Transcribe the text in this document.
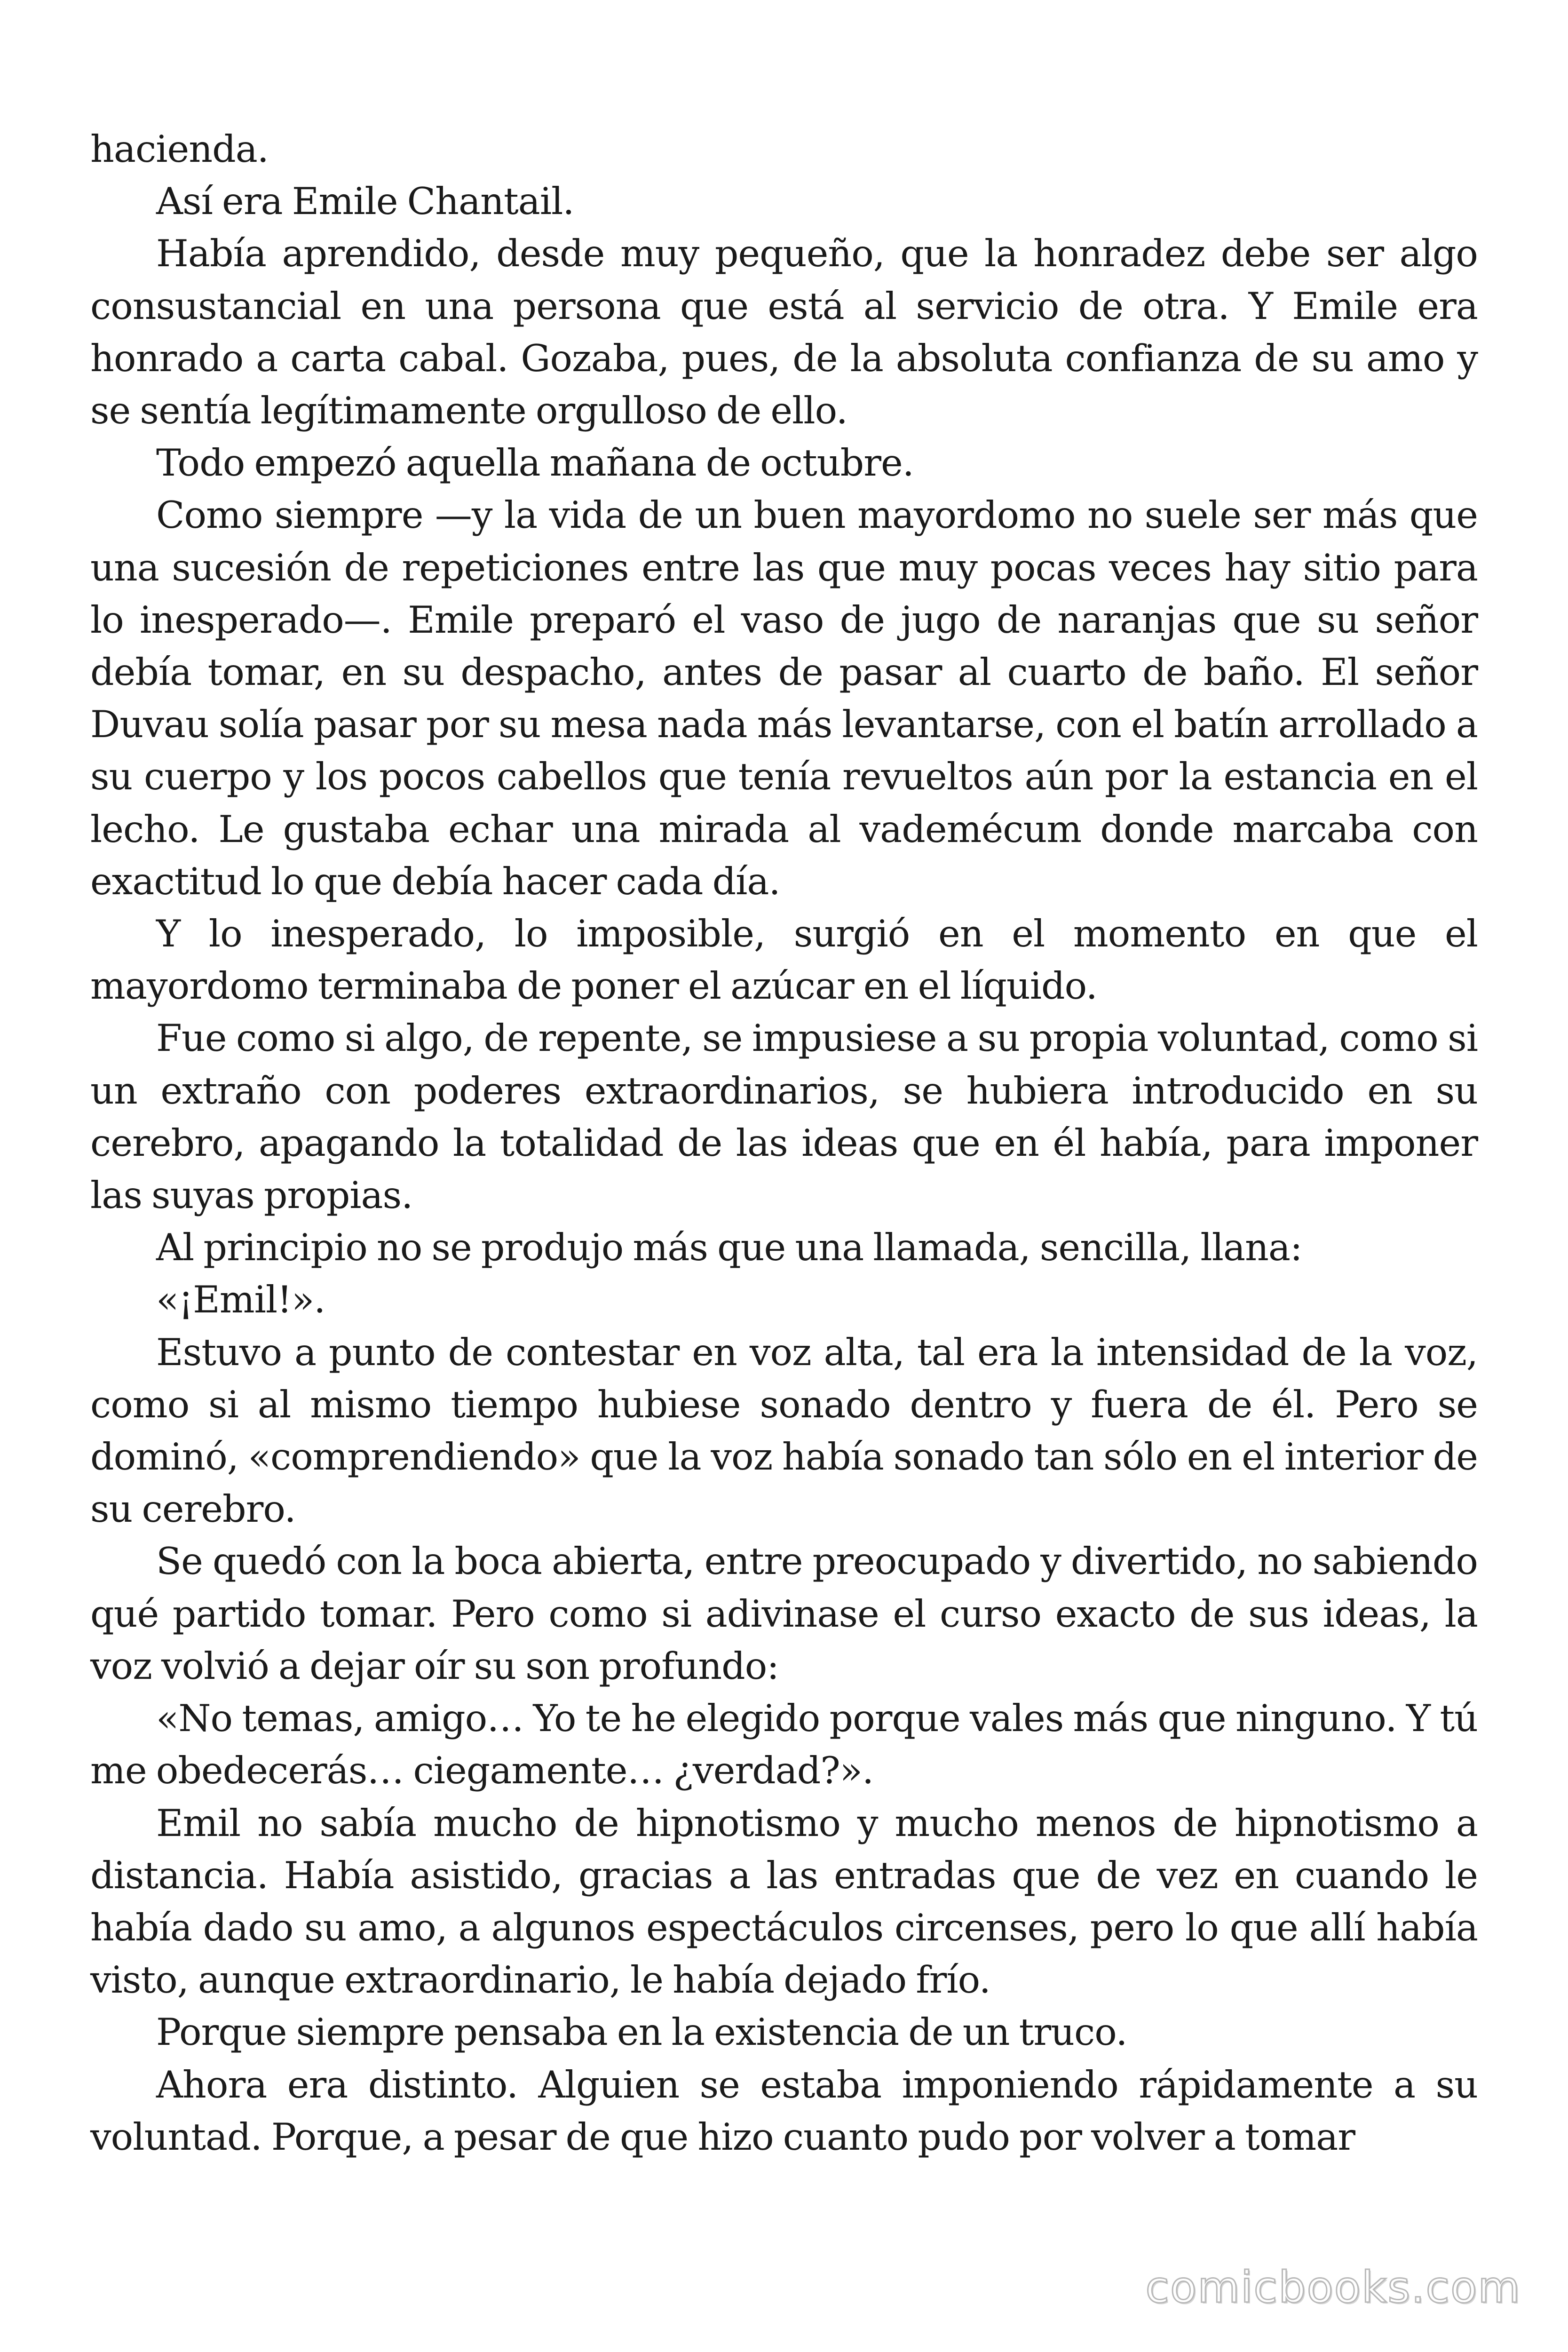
hacienda.

Así era Emile Chantail.

Había aprendido, desde muy pequeño, que la honradez debe ser algo consustancial en una persona que está al servicio de otra. Y Emile era honrado a carta cabal. Gozaba, pues, de la absoluta confianza de su amo y se sentía legítimamente orgulloso de ello.

Todo empezó aquella mañana de octubre.

Como siempre —y la vida de un buen mayordomo no suele ser más que una sucesión de repeticiones entre las que muy pocas veces hay sitio para lo inesperado—. Emile preparó el vaso de jugo de naranjas que su señor debía tomar, en su despacho, antes de pasar al cuarto de baño. El señor Duvau solía pasar por su mesa nada más levantarse, con el batín arrollado a su cuerpo y los pocos cabellos que tenía revueltos aún por la estancia en el lecho. Le gustaba echar una mirada al vademécum donde marcaba con exactitud lo que debía hacer cada día.

Y lo inesperado, lo imposible, surgió en el momento en que el mayordomo terminaba de poner el azúcar en el líquido.

Fue como si algo, de repente, se impusiese a su propia voluntad, como si un extraño con poderes extraordinarios, se hubiera introducido en su cerebro, apagando la totalidad de las ideas que en él había, para imponer las suyas propias.

Al principio no se produjo más que una llamada, sencilla, llana:

«¡Emil!».

Estuvo a punto de contestar en voz alta, tal era la intensidad de la voz, como si al mismo tiempo hubiese sonado dentro y fuera de él. Pero se dominó, «comprendiendo» que la voz había sonado tan sólo en el interior de su cerebro.

Se quedó con la boca abierta, entre preocupado y divertido, no sabiendo qué partido tomar. Pero como si adivinase el curso exacto de sus ideas, la voz volvió a dejar oír su son profundo:

«No temas, amigo… Yo te he elegido porque vales más que ninguno. Y tú me obedecerás… ciegamente… ¿verdad?».

Emil no sabía mucho de hipnotismo y mucho menos de hipnotismo a distancia. Había asistido, gracias a las entradas que de vez en cuando le había dado su amo, a algunos espectáculos circenses, pero lo que allí había visto, aunque extraordinario, le había dejado frío.

Porque siempre pensaba en la existencia de un truco.

Ahora era distinto. Alguien se estaba imponiendo rápidamente a su voluntad. Porque, a pesar de que hizo cuanto pudo por volver a tomar

comicbooks.com
